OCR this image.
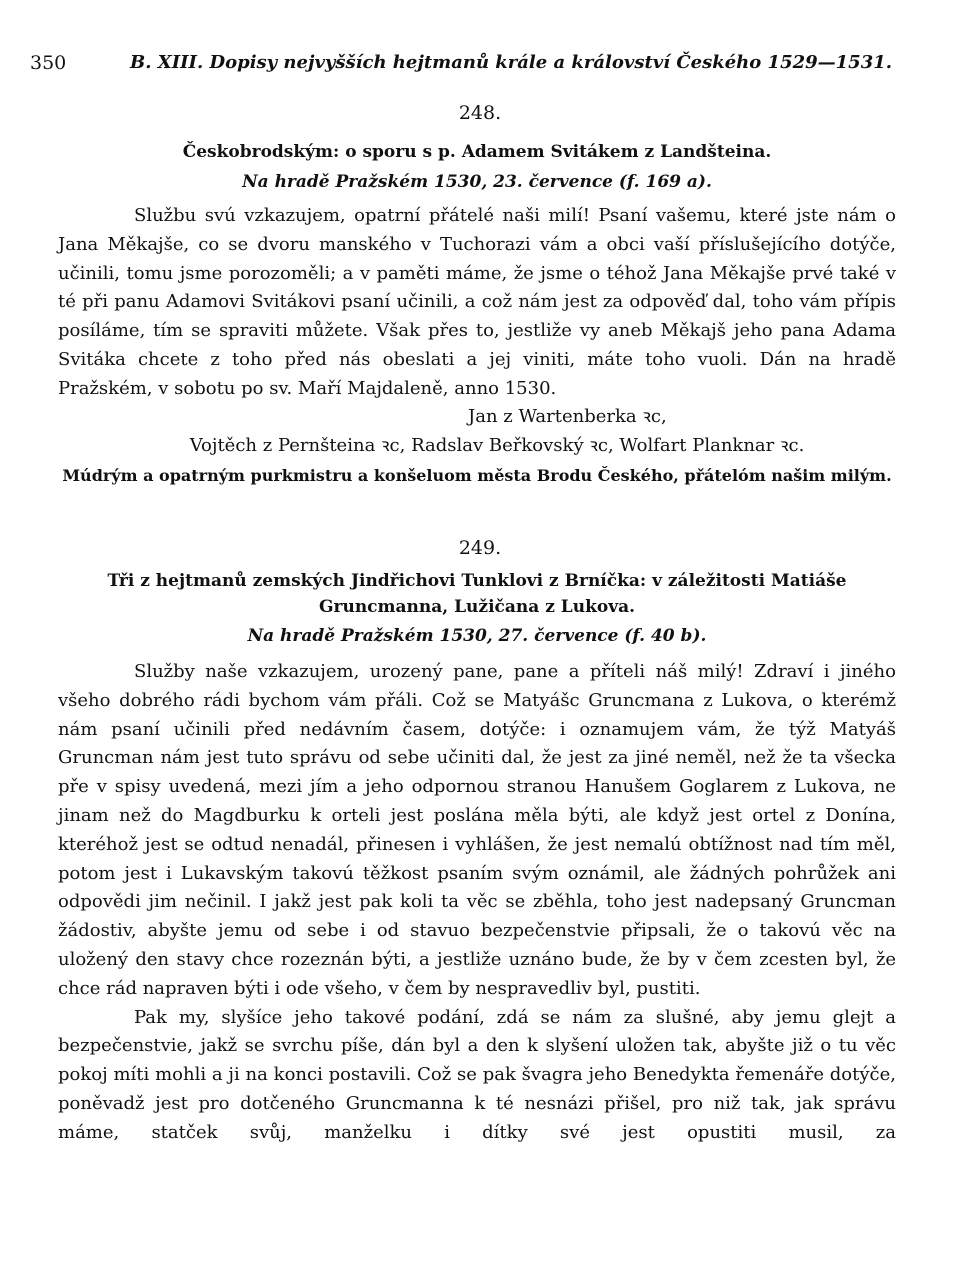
350	B. XIII. Dopisy nejvyšších hejtmanů krále a království Českého 1529—1531.
248.
Českobrodským: o sporu s p. Adamem Svitákem z Landšteina.
Na hradě Pražském 1530, 23. července (f. 169 a).

Službu svú vzkazujem, opatrní přátelé naši milí! Psaní vašemu, které jste nám o Jana Měkajše, co se dvoru manského v Tuchorazi vám a obci vaší příslušejícího dotýče, učinili, tomu jsme porozoměli; a v paměti máme, že jsme o téhož Jana Měkajše prvé také v té při panu Adamovi Svitákovi psaní učinili, a což nám jest za odpověď dal, toho vám přípis posíláme, tím se spraviti můžete. Však přes to, jestliže vy aneb Měkajš jeho pana Adama Svitáka chcete z toho před nás obeslati a jej viniti, máte toho vuoli. Dán na hradě Pražském, v sobotu po sv. Maří Majdaleně, anno 1530.

Jan z Wartenberka ꝛc,
Vojtěch z Pernšteina ꝛc, Radslav Beřkovský ꝛc, Wolfart Planknar ꝛc.
Múdrým a opatrným purkmistru a konšeluom města Brodu Českého, přátelóm našim milým.
249.
Tři z hejtmanů zemských Jindřichovi Tunklovi z Brníčka: v záležitosti Matiáše Gruncmanna, Lužičana z Lukova.
Na hradě Pražském 1530, 27. července (f. 40 b).

Služby naše vzkazujem, urozený pane, pane a příteli náš milý! Zdraví i jiného všeho dobrého rádi bychom vám přáli. Což se Matyášc Gruncmana z Lukova, o kterémž nám psaní učinili před nedávním časem, dotýče: i oznamujem vám, že týž Matyáš Gruncman nám jest tuto správu od sebe učiniti dal, že jest za jiné neměl, než že ta všecka pře v spisy uvedená, mezi jím a jeho odpornou stranou Hanušem Goglarem z Lukova, ne jinam než do Magdburku k orteli jest poslána měla býti, ale když jest ortel z Donína, kteréhož jest se odtud nenadál, přinesen i vyhlášen, že jest nemalú obtížnost nad tím měl, potom jest i Lukavským takovú těžkost psaním svým oznámil, ale žádných pohrůžek ani odpovědi jim nečinil. I jakž jest pak koli ta věc se zběhla, toho jest nadepsaný Gruncman žádostiv, abyšte jemu od sebe i od stavuo bezpečenstvie připsali, že o takovú věc na uložený den stavy chce rozeznán býti, a jestliže uznáno bude, že by v čem zcesten byl, že chce rád napraven býti i ode všeho, v čem by nespravedliv byl, pustiti.

Pak my, slyšíce jeho takové podání, zdá se nám za slušné, aby jemu glejt a bezpečenstvie, jakž se svrchu píše, dán byl a den k slyšení uložen tak, abyšte již o tu věc pokoj míti mohli a ji na konci postavili. Což se pak švagra jeho Benedykta řemenáře dotýče, poněvadž jest pro dotčeného Gruncmanna k té nesnázi přišel, pro niž tak, jak správu máme, statček svůj, manželku i dítky své jest opustiti musil, za
